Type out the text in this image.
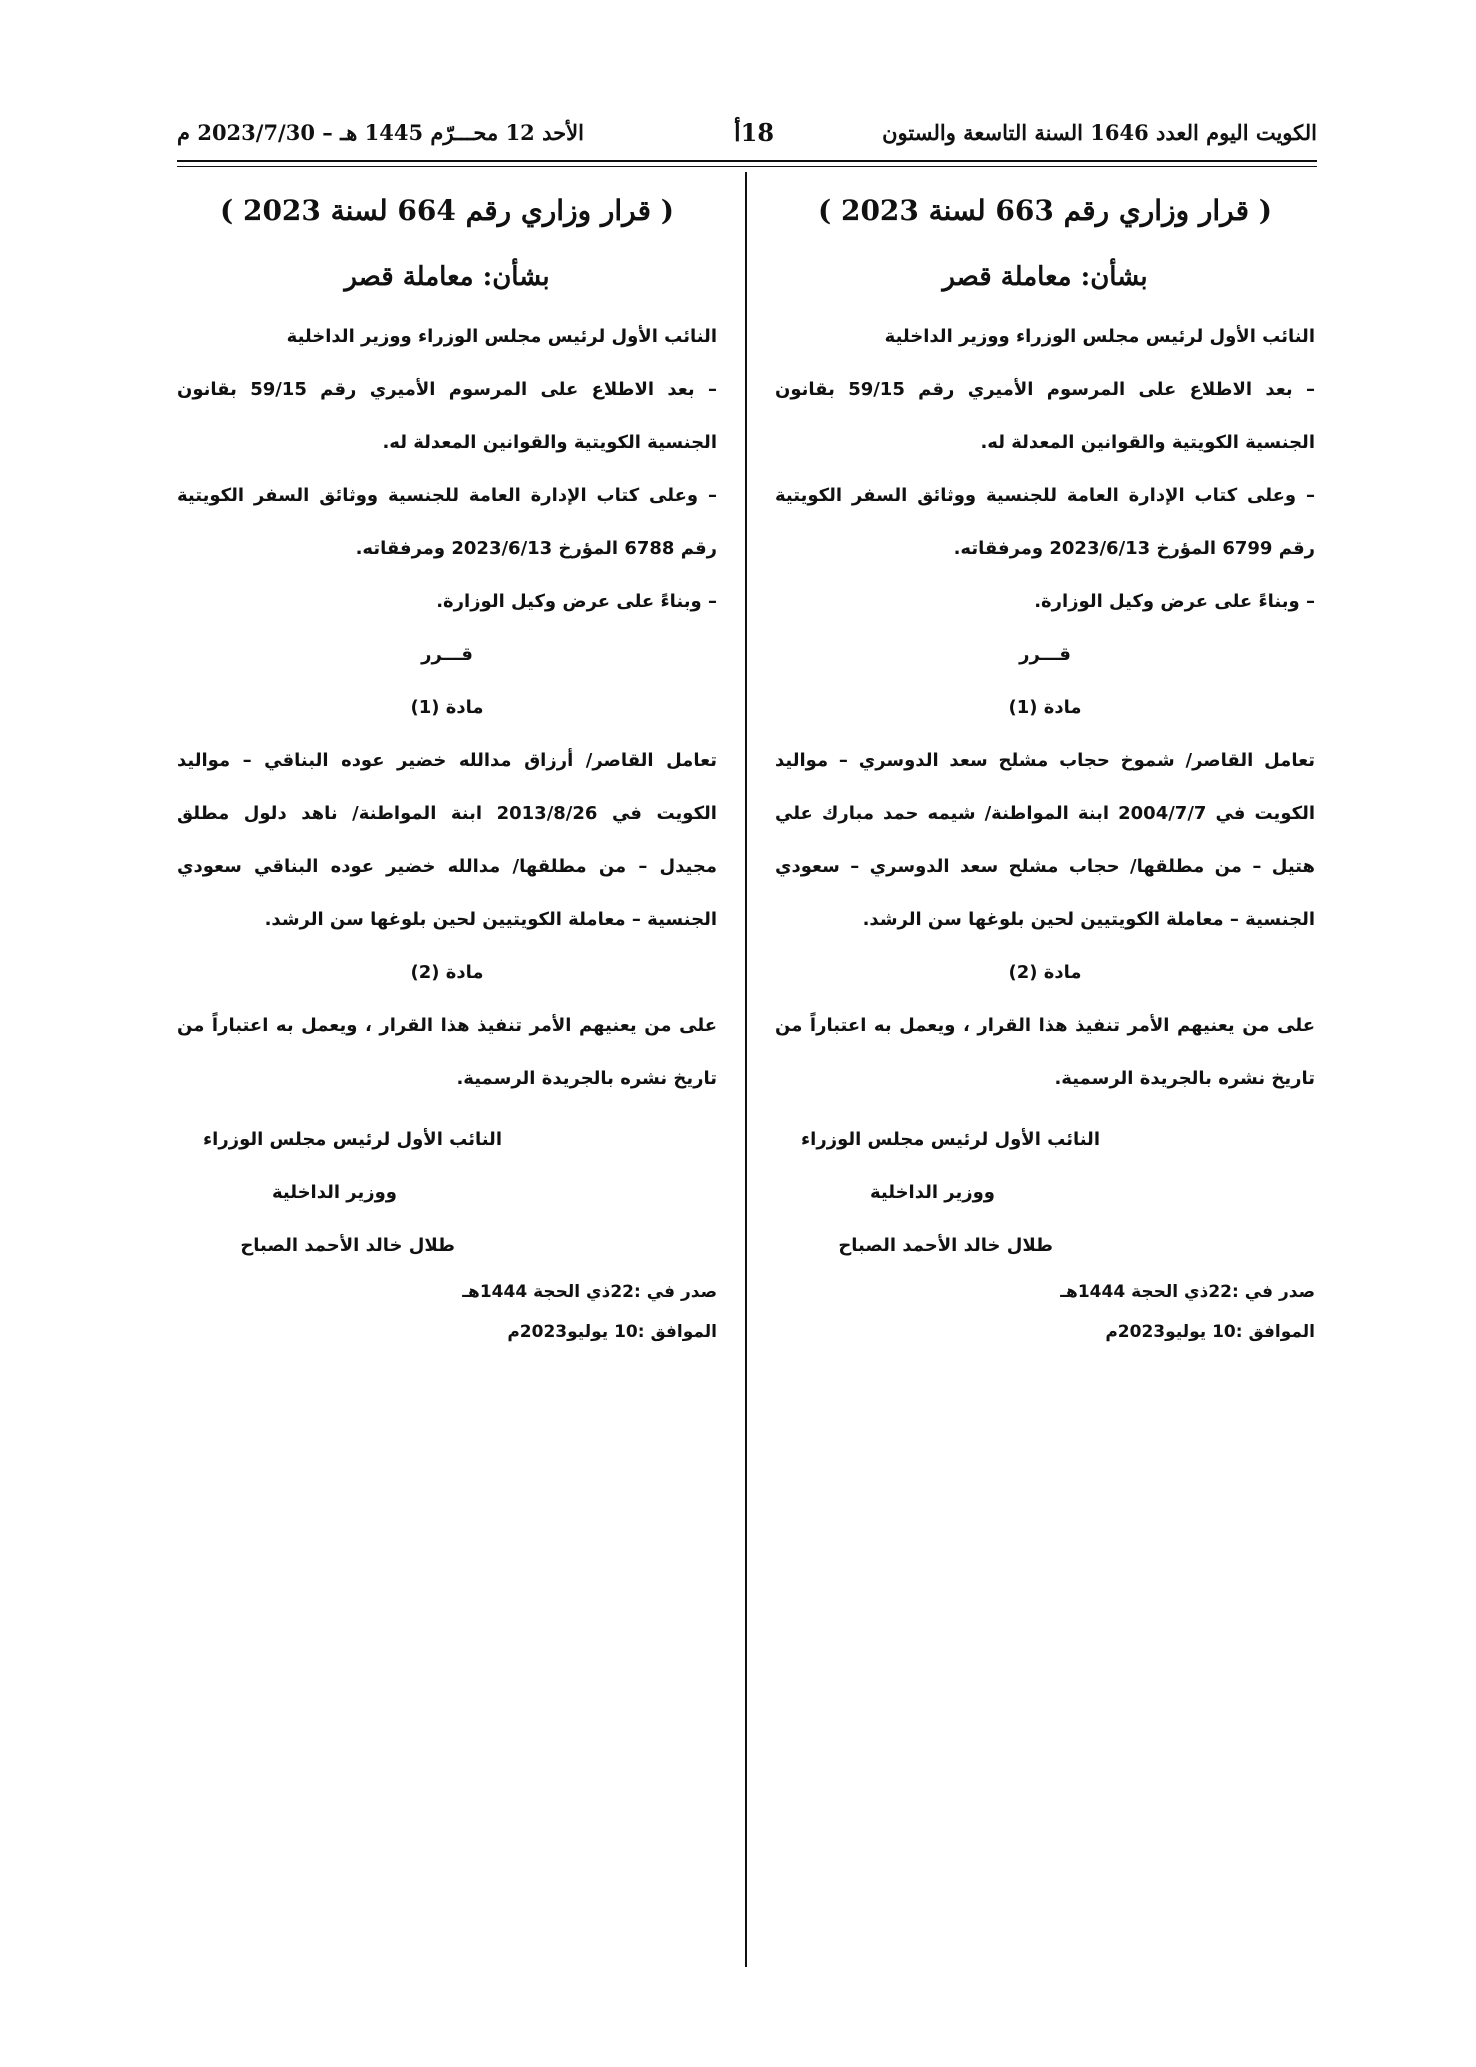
الكويت اليوم العدد 1646 السنة التاسعة والستون
18أ
الأحد 12 محـــرّم 1445 هـ – 2023/7/30 م
( قرار وزاري رقم 663 لسنة 2023 )
بشأن: معاملة قصر

النائب الأول لرئيس مجلس الوزراء ووزير الداخلية

– بعد الاطلاع على المرسوم الأميري رقم 59/15 بقانون الجنسية الكويتية والقوانين المعدلة له.

– وعلى كتاب الإدارة العامة للجنسية ووثائق السفر الكويتية رقم 6799 المؤرخ 2023/6/13 ومرفقاته.

– وبناءً على عرض وكيل الوزارة.

قـــرر

مادة (1)

تعامل القاصر/ شموخ حجاب مشلح سعد الدوسري – مواليد الكويت في 2004/7/7 ابنة المواطنة/ شيمه حمد مبارك علي هتيل – من مطلقها/ حجاب مشلح سعد الدوسري – سعودي الجنسية – معاملة الكويتيين لحين بلوغها سن الرشد.

مادة (2)

على من يعنيهم الأمر تنفيذ هذا القرار ، ويعمل به اعتباراً من تاريخ نشره بالجريدة الرسمية.

النائب الأول لرئيس مجلس الوزراء

ووزير الداخلية

طلال خالد الأحمد الصباح

صدر في :22ذي الحجة 1444هـ

الموافق :10 يوليو2023م

( قرار وزاري رقم 664 لسنة 2023 )
بشأن: معاملة قصر

النائب الأول لرئيس مجلس الوزراء ووزير الداخلية

– بعد الاطلاع على المرسوم الأميري رقم 59/15 بقانون الجنسية الكويتية والقوانين المعدلة له.

– وعلى كتاب الإدارة العامة للجنسية ووثائق السفر الكويتية رقم 6788 المؤرخ 2023/6/13 ومرفقاته.

– وبناءً على عرض وكيل الوزارة.

قـــرر

مادة (1)

تعامل القاصر/ أرزاق مدالله خضير عوده البناقي – مواليد الكويت في 2013/8/26 ابنة المواطنة/ ناهد دلول مطلق مجيدل – من مطلقها/ مدالله خضير عوده البناقي سعودي الجنسية – معاملة الكويتيين لحين بلوغها سن الرشد.

مادة (2)

على من يعنيهم الأمر تنفيذ هذا القرار ، ويعمل به اعتباراً من تاريخ نشره بالجريدة الرسمية.

النائب الأول لرئيس مجلس الوزراء

ووزير الداخلية

طلال خالد الأحمد الصباح

صدر في :22ذي الحجة 1444هـ

الموافق :10 يوليو2023م
